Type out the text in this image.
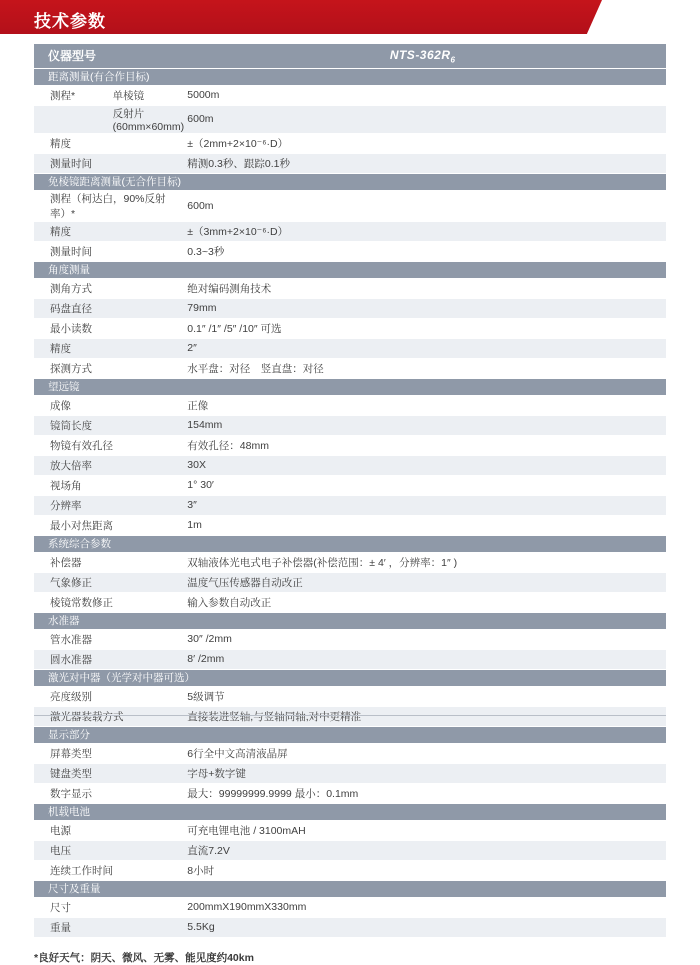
技术参数
仪器型号		NTS-$362R_6$
距离测量(有合作目标)		
测程*	单棱镜	5000m
	反射片(60mm×60mm)	600m
精度		±（2mm+2×10⁻⁶·D）
测量时间		精测0.3秒、跟踪0.1秒
免棱镜距离测量(无合作目标)		
测程（柯达白，90%反射率）*		600m
精度		±（3mm+2×10⁻⁶·D）
测量时间		0.3~3秒
角度测量		
测角方式		绝对编码测角技术
码盘直径		79mm
最小读数		0.1″ /1″ /5″ /10″ 可选
精度		2″
探测方式		水平盘：对径　竖直盘：对径
望远镜		
成像		正像
镜筒长度		154mm
物镜有效孔径		有效孔径：48mm
放大倍率		30X
视场角		1° 30′
分辨率		3″
最小对焦距离		1m
系统综合参数		
补偿器		双轴液体光电式电子补偿器(补偿范围：± 4′ ，分辨率：1″ )
气象修正		温度气压传感器自动改正
棱镜常数修正		输入参数自动改正
水准器		
管水准器		30″ /2mm
圆水准器		8′ /2mm
激光对中器（光学对中器可选）		
亮度级别		5级调节
激光器装载方式		直接装进竖轴,与竖轴同轴,对中更精准
显示部分		
屏幕类型		6行全中文高清液晶屏
键盘类型		字母+数字键
数字显示		最大：99999999.9999 最小：0.1mm
机载电池		
电源		可充电锂电池 / 3100mAH
电压		直流7.2V
连续工作时间		8小时
尺寸及重量		
尺寸		200mmX190mmX330mm
重量		5.5Kg
*良好天气：阴天、微风、无雾、能见度约40km
